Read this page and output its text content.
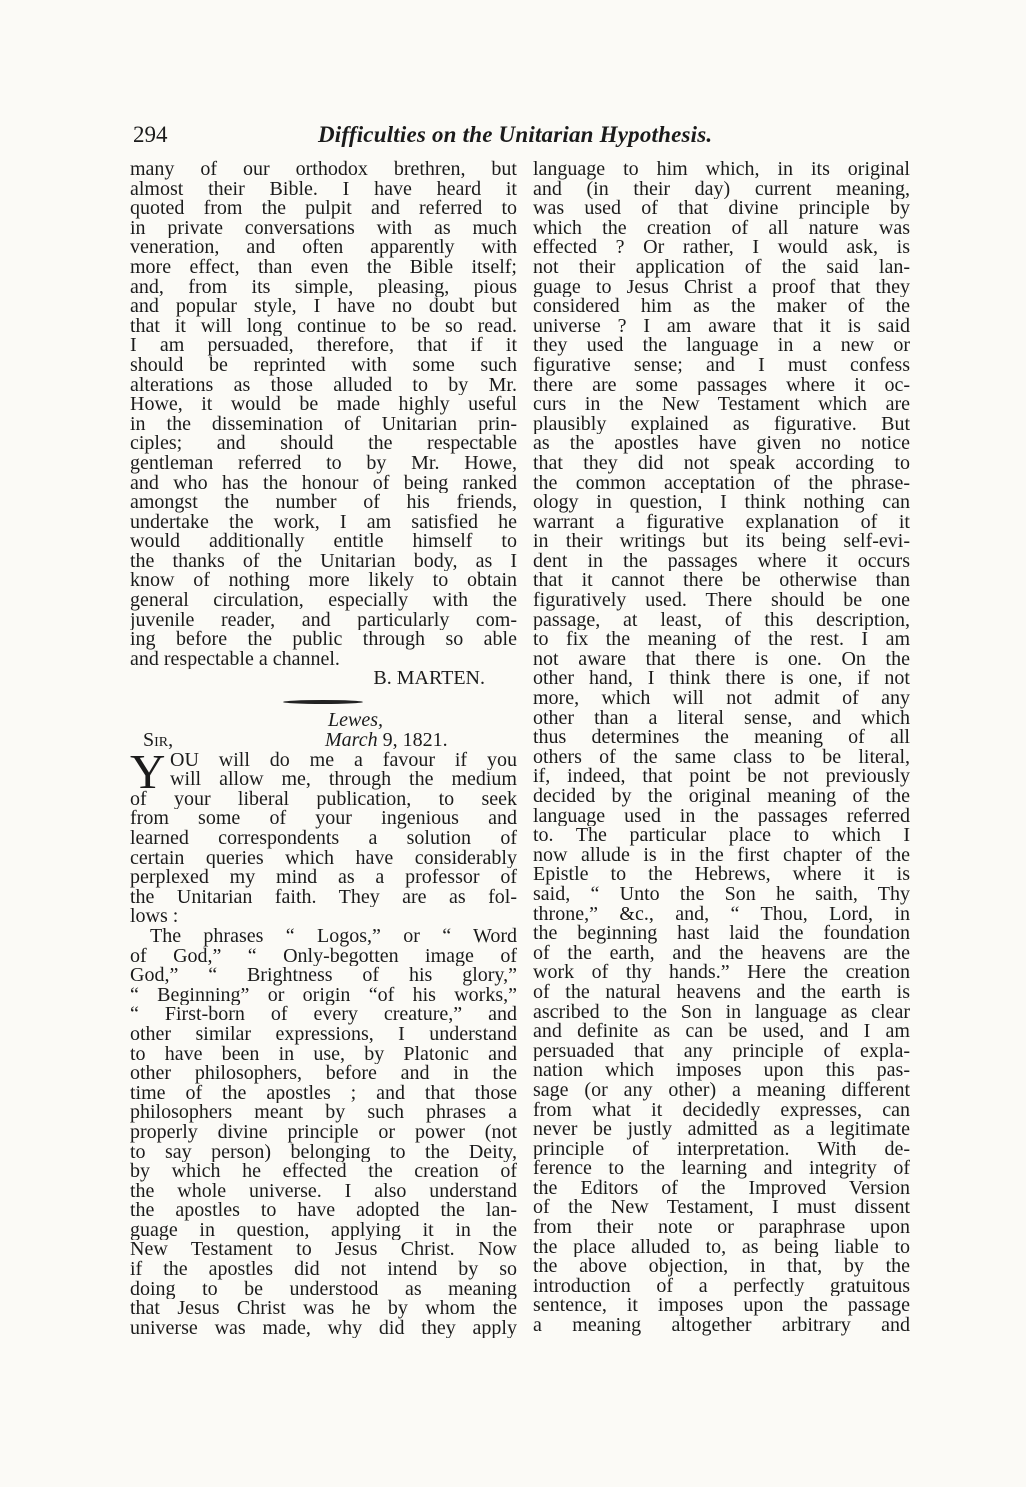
294	Difficulties on the Unitarian Hypothesis.
many of our orthodox brethren, but
almost their Bible. I have heard it
quoted from the pulpit and referred to
in private conversations with as much
veneration, and often apparently with
more effect, than even the Bible itself;
and, from its simple, pleasing, pious
and popular style, I have no doubt but
that it will long continue to be so read.
I am persuaded, therefore, that if it
should be reprinted with some such
alterations as those alluded to by Mr.
Howe, it would be made highly useful
in the dissemination of Unitarian prin-
ciples; and should the respectable
gentleman referred to by Mr. Howe,
and who has the honour of being ranked
amongst the number of his friends,
undertake the work, I am satisfied he
would additionally entitle himself to
the thanks of the Unitarian body, as I
know of nothing more likely to obtain
general circulation, especially with the
juvenile reader, and particularly com-
ing before the public through so able
and respectable a channel.
B. MARTEN.
Lewes,
Sir,	March 9, 1821.
Y OU will do me a favour if you
will allow me, through the medium
of your liberal publication, to seek
from some of your ingenious and
learned correspondents a solution of
certain queries which have considerably
perplexed my mind as a professor of
the Unitarian faith. They are as fol-
lows :
The phrases “ Logos,” or “ Word
of God,” “ Only-begotten image of
God,” “ Brightness of his glory,”
“ Beginning” or origin “of his works,”
“ First-born of every creature,” and
other similar expressions, I understand
to have been in use, by Platonic and
other philosophers, before and in the
time of the apostles ; and that those
philosophers meant by such phrases a
properly divine principle or power (not
to say person) belonging to the Deity,
by which he effected the creation of
the whole universe. I also understand
the apostles to have adopted the lan-
guage in question, applying it in the
New Testament to Jesus Christ. Now
if the apostles did not intend by so
doing to be understood as meaning
that Jesus Christ was he by whom the
universe was made, why did they apply
language to him which, in its original
and (in their day) current meaning,
was used of that divine principle by
which the creation of all nature was
effected ? Or rather, I would ask, is
not their application of the said lan-
guage to Jesus Christ a proof that they
considered him as the maker of the
universe ? I am aware that it is said
they used the language in a new or
figurative sense; and I must confess
there are some passages where it oc-
curs in the New Testament which are
plausibly explained as figurative. But
as the apostles have given no notice
that they did not speak according to
the common acceptation of the phrase-
ology in question, I think nothing can
warrant a figurative explanation of it
in their writings but its being self-evi-
dent in the passages where it occurs
that it cannot there be otherwise than
figuratively used. There should be one
passage, at least, of this description,
to fix the meaning of the rest. I am
not aware that there is one. On the
other hand, I think there is one, if not
more, which will not admit of any
other than a literal sense, and which
thus determines the meaning of all
others of the same class to be literal,
if, indeed, that point be not previously
decided by the original meaning of the
language used in the passages referred
to. The particular place to which I
now allude is in the first chapter of the
Epistle to the Hebrews, where it is
said, “ Unto the Son he saith, Thy
throne,” &c., and, “ Thou, Lord, in
the beginning hast laid the foundation
of the earth, and the heavens are the
work of thy hands.” Here the creation
of the natural heavens and the earth is
ascribed to the Son in language as clear
and definite as can be used, and I am
persuaded that any principle of expla-
nation which imposes upon this pas-
sage (or any other) a meaning different
from what it decidedly expresses, can
never be justly admitted as a legitimate
principle of interpretation. With de-
ference to the learning and integrity of
the Editors of the Improved Version
of the New Testament, I must dissent
from their note or paraphrase upon
the place alluded to, as being liable to
the above objection, in that, by the
introduction of a perfectly gratuitous
sentence, it imposes upon the passage
a meaning altogether arbitrary and
